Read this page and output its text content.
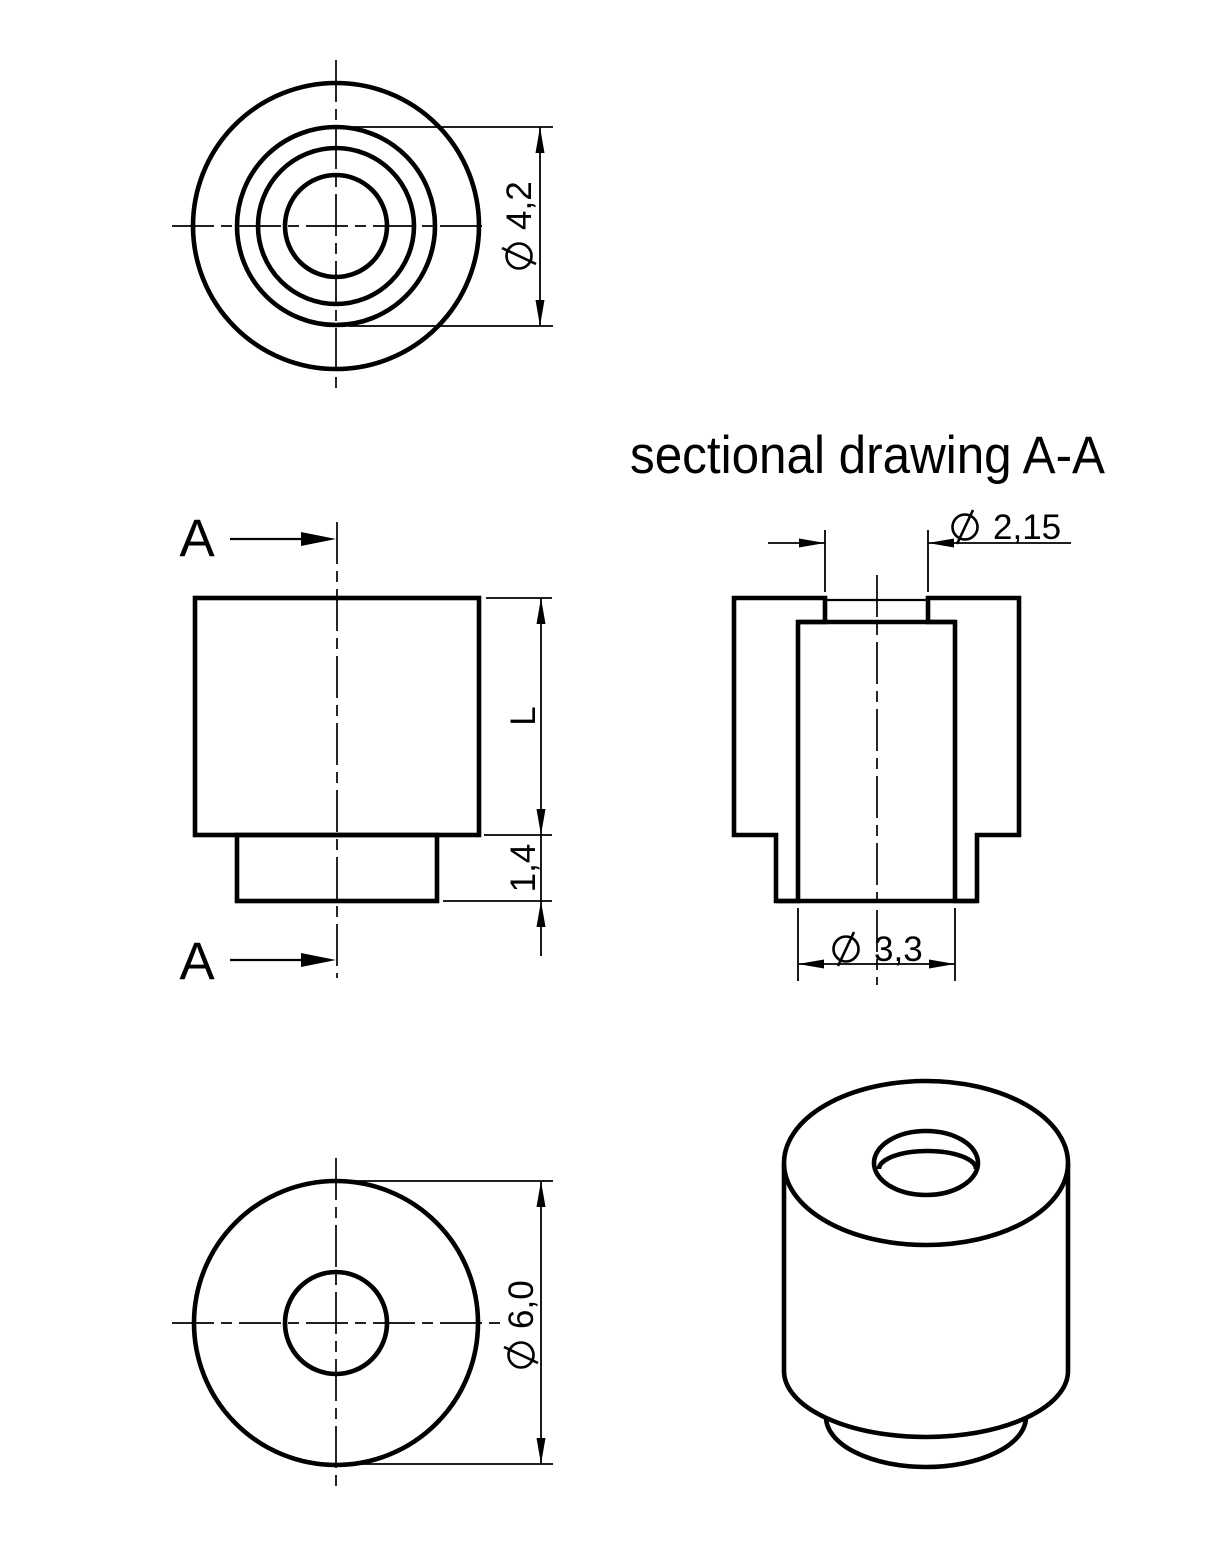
4,2
A
A
L
1,4
sectional drawing A-A
2,15
3,3
6,0
